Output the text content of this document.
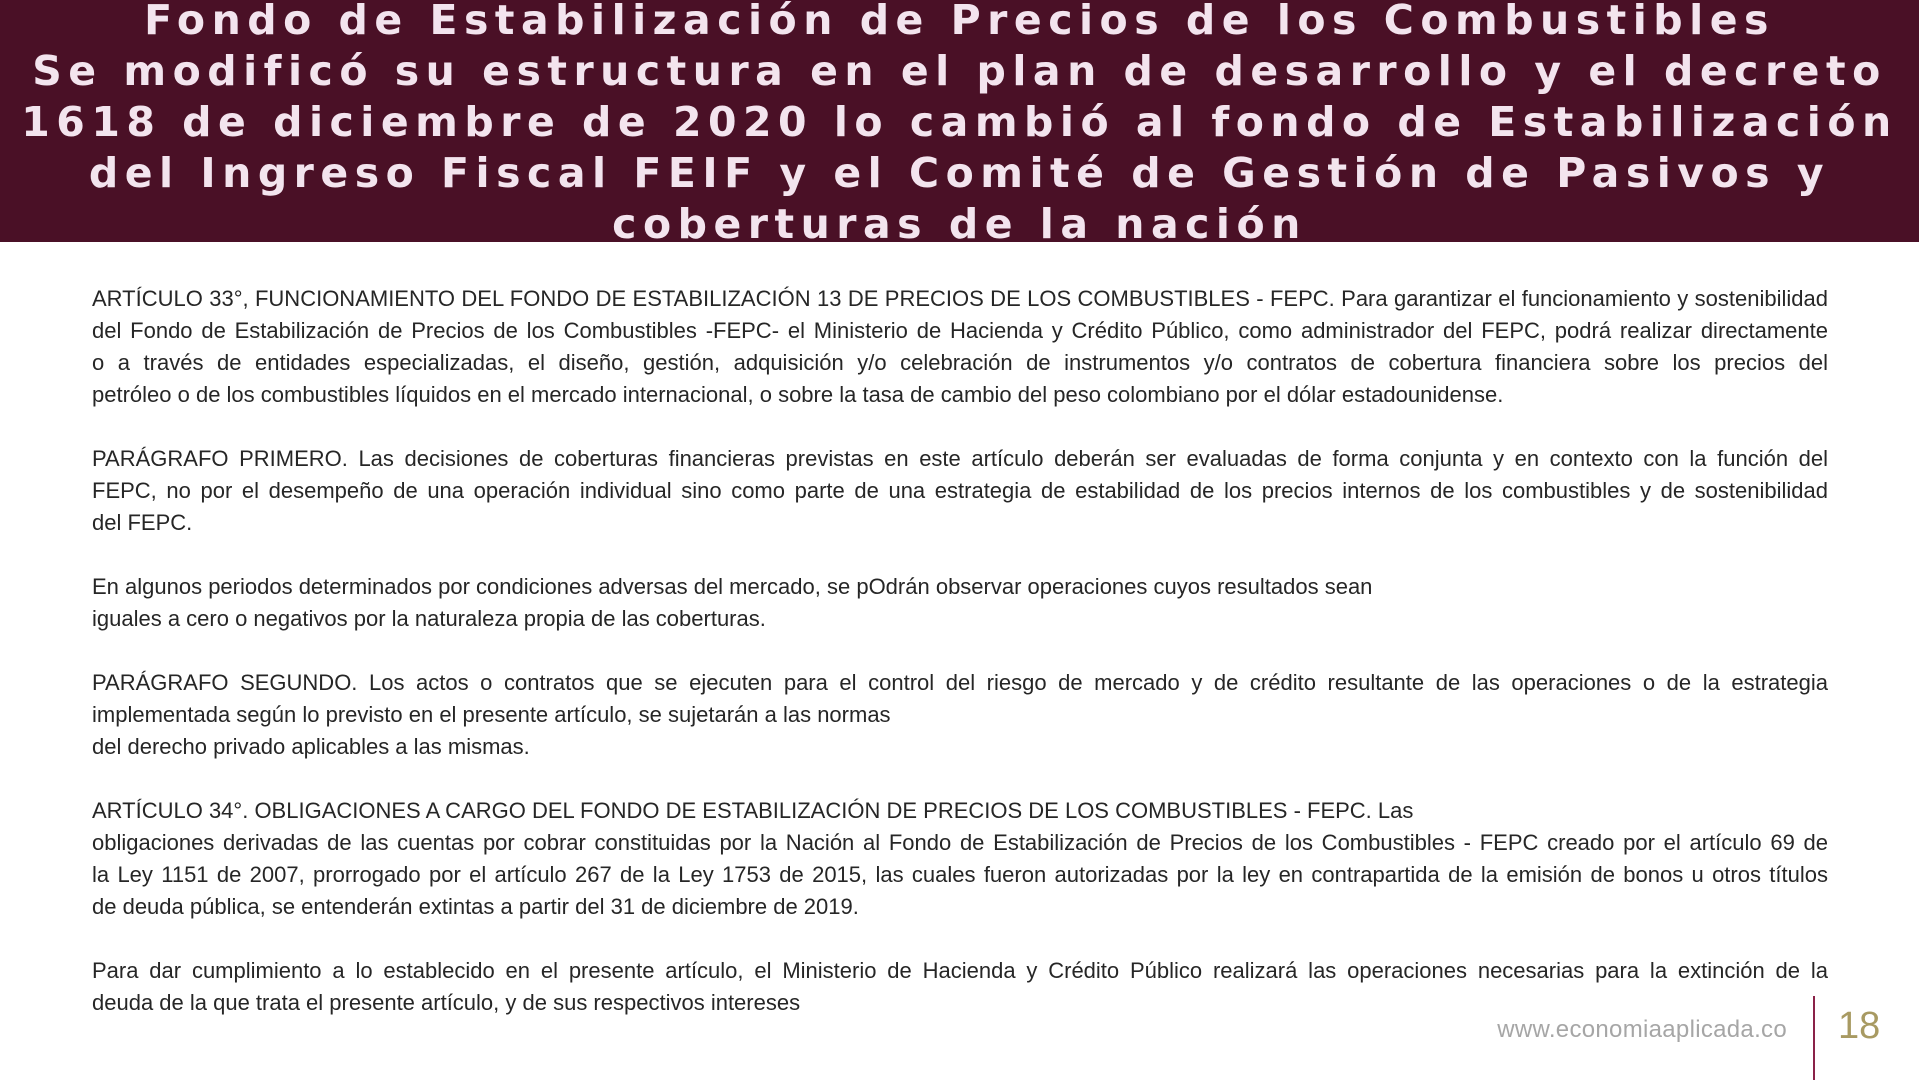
Fondo de Estabilización de Precios de los Combustibles
Se modificó su estructura en el plan de desarrollo y el decreto
1618 de diciembre de 2020 lo cambió al fondo de Estabilización
del Ingreso Fiscal FEIF y el Comité de Gestión de Pasivos y
coberturas de la nación
ARTÍCULO 33°, FUNCIONAMIENTO DEL FONDO DE ESTABILIZACIÓN 13 DE PRECIOS DE LOS COMBUSTIBLES - FEPC. Para garantizar el funcionamiento y sostenibilidad
del Fondo de Estabilización de Precios de los Combustibles -FEPC- el Ministerio de Hacienda y Crédito Público, como administrador del FEPC, podrá realizar directamente
o a través de entidades especializadas, el diseño, gestión, adquisición y/o celebración de instrumentos y/o contratos de cobertura financiera sobre los precios del
petróleo o de los combustibles líquidos en el mercado internacional, o sobre la tasa de cambio del peso colombiano por el dólar estadounidense.
PARÁGRAFO PRIMERO. Las decisiones de coberturas financieras previstas en este artículo deberán ser evaluadas de forma conjunta y en contexto con la función del
FEPC, no por el desempeño de una operación individual sino como parte de una estrategia de estabilidad de los precios internos de los combustibles y de sostenibilidad
del FEPC.
En algunos periodos determinados por condiciones adversas del mercado, se pOdrán observar operaciones cuyos resultados sean
iguales a cero o negativos por la naturaleza propia de las coberturas.
PARÁGRAFO SEGUNDO. Los actos o contratos que se ejecuten para el control del riesgo de mercado y de crédito resultante de las operaciones o de la estrategia
implementada según lo previsto en el presente artículo, se sujetarán a las normas
del derecho privado aplicables a las mismas.
ARTÍCULO 34°. OBLIGACIONES A CARGO DEL FONDO DE ESTABILIZACIÓN DE PRECIOS DE LOS COMBUSTIBLES - FEPC. Las
obligaciones derivadas de las cuentas por cobrar constituidas por la Nación al Fondo de Estabilización de Precios de los Combustibles - FEPC creado por el artículo 69 de
la Ley 1151 de 2007, prorrogado por el artículo 267 de la Ley 1753 de 2015, las cuales fueron autorizadas por la ley en contrapartida de la emisión de bonos u otros títulos
de deuda pública, se entenderán extintas a partir del 31 de diciembre de 2019.
Para dar cumplimiento a lo establecido en el presente artículo, el Ministerio de Hacienda y Crédito Público realizará las operaciones necesarias para la extinción de la
deuda de la que trata el presente artículo, y de sus respectivos intereses
www.economiaaplicada.co 18
